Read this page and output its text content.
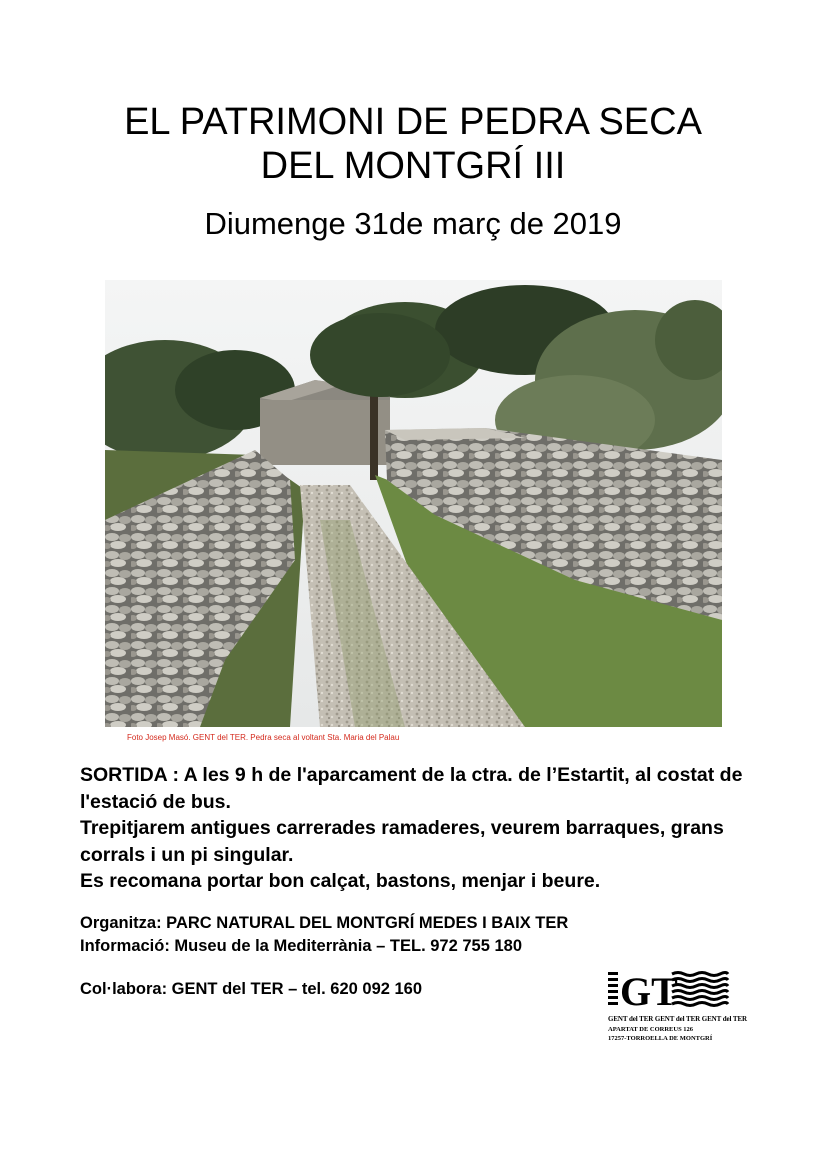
EL PATRIMONI DE PEDRA SECA
DEL MONTGRÍ III
Diumenge 31de març de 2019
Foto Josep Masó. GENT del TER. Pedra seca al voltant Sta. Maria del Palau

SORTIDA : A les 9 h de l'aparcament de la ctra. de l’Estartit, al costat de l'estació de bus.

Trepitjarem antigues carrerades ramaderes, veurem barraques, grans corrals i un pi singular.

Es recomana portar bon calçat, bastons, menjar i beure.

Organitza: PARC NATURAL DEL MONTGRÍ MEDES I BAIX TER
Informació: Museu de la Mediterrània – TEL. 972 755 180
Col·labora: GENT del TER – tel. 620 092 160	GT
GENT del TER GENT del TER GENT del TER
APARTAT DE CORREUS 126
17257-TORROELLA DE MONTGRÍ
